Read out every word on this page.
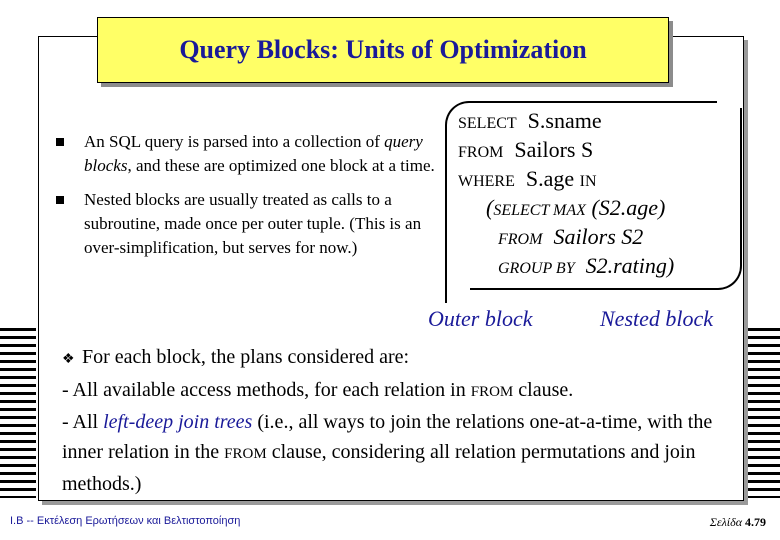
Query Blocks: Units of Optimization
An SQL query is parsed into a collection of query blocks, and these are optimized one block at a time.
Nested blocks are usually treated as calls to a subroutine, made once per outer tuple. (This is an over-simplification, but serves for now.)
SELECT S.sname
FROM Sailors S
WHERE S.age IN
(SELECT MAX (S2.age)
FROM Sailors S2
GROUP BY S2.rating)
Outer block	Nested block
❖ For each block, the plans considered are:
- All available access methods, for each relation in FROM clause.
- All left-deep join trees (i.e., all ways to join the relations one-at-a-time, with the inner relation in the FROM clause, considering all relation permutations and join methods.)
I.B -- Εκτέλεση Ερωτήσεων και Βελτιστοποίηση	Σελίδα 4.79
